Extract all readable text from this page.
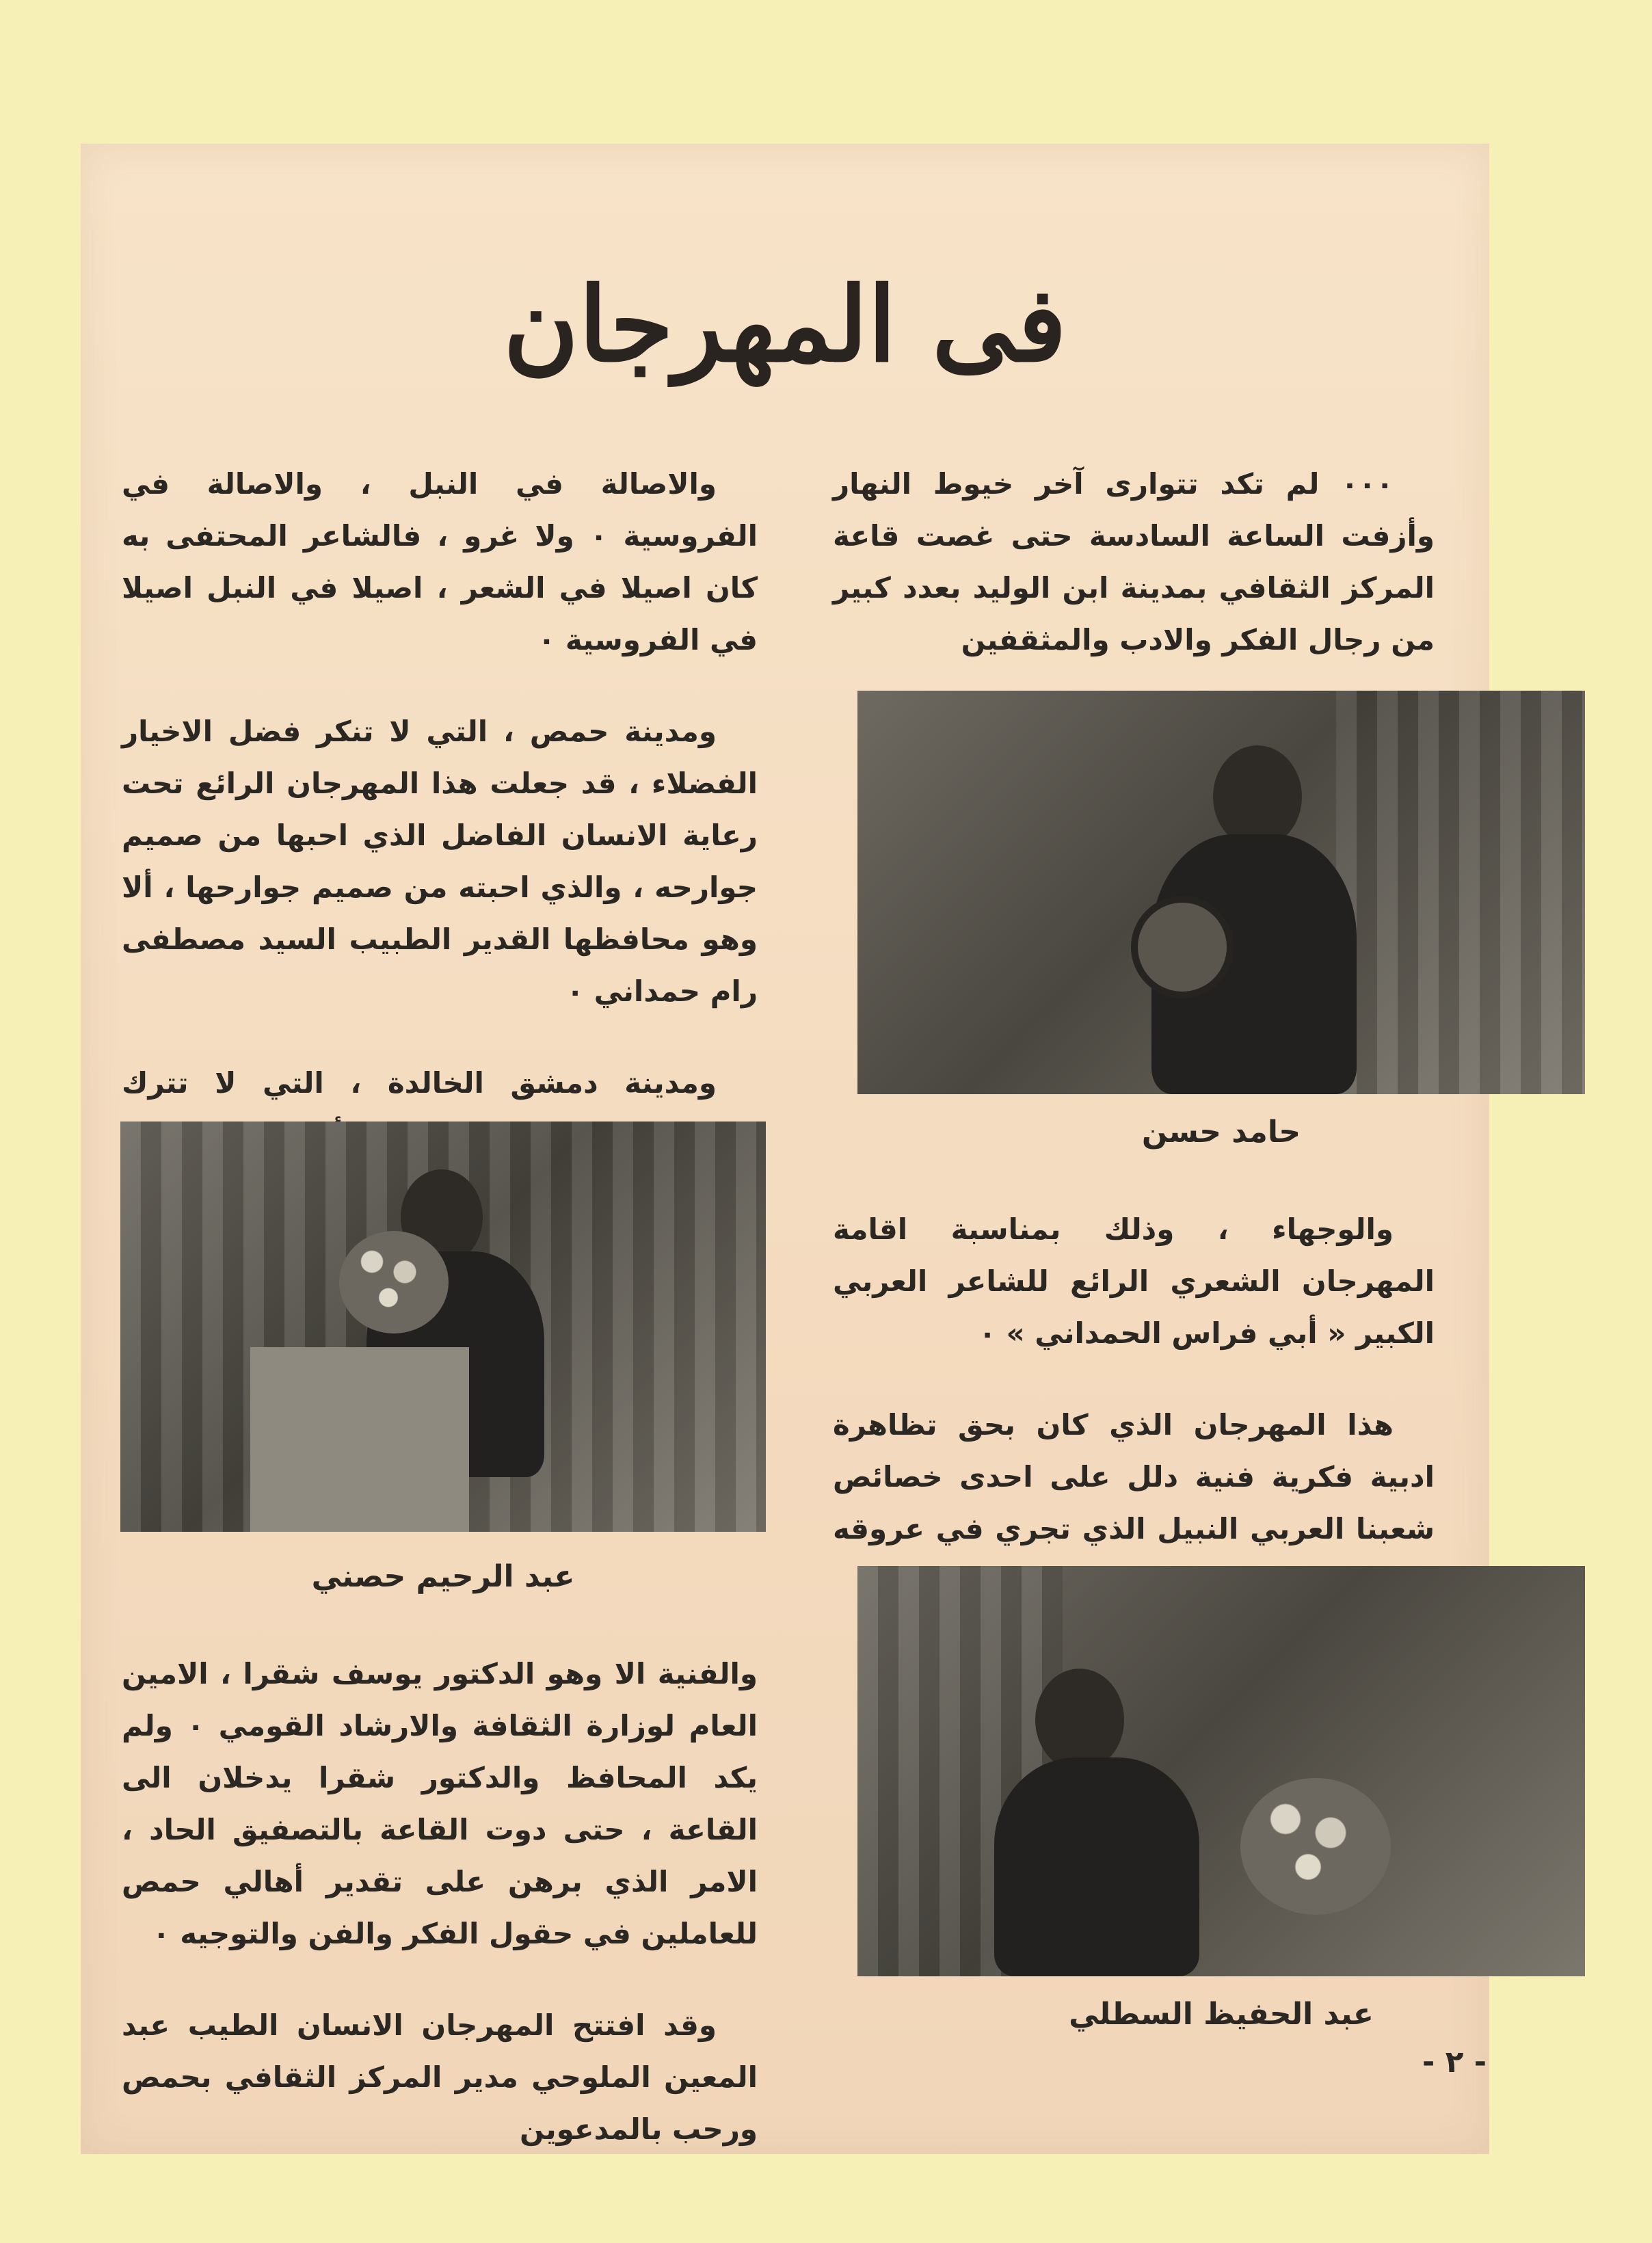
فى المهرجان

٠٠٠ لم تكد تتوارى آخر خيوط النهار وأزفت الساعة السادسة حتى غصت قاعة المركز الثقافي بمدينة ابن الوليد بعدد كبير من رجال الفكر والادب والمثقفين

حامد حسن

والوجهاء ، وذلك بمناسبة اقامة المهرجان الشعري الرائع للشاعر العربي الكبير « أبي فراس الحمداني » ٠

هذا المهرجان الذي كان بحق تظاهرة ادبية فكرية فنية دلل على احدى خصائص شعبنا العربي النبيل الذي تجري في عروقه

عبد الحفيظ السطلي

والاصالة في النبل ، والاصالة في الفروسية ٠ ولا غرو ، فالشاعر المحتفى به كان اصيلا في الشعر ، اصيلا في النبل اصيلا في الفروسية ٠

ومدينة حمص ، التي لا تنكر فضل الاخيار الفضلاء ، قد جعلت هذا المهرجان الرائع تحت رعاية الانسان الفاضل الذي احبها من صميم جوارحه ، والذي احبته من صميم جوارحها ، ألا وهو محافظها القدير الطبيب السيد مصطفى رام حمداني ٠

ومدينة دمشق الخالدة ، التي لا تترك

عبد الرحيم حصني

والفنية الا وهو الدكتور يوسف شقرا ، الامين العام لوزارة الثقافة والارشاد القومي ٠ ولم يكد المحافظ والدكتور شقرا يدخلان الى القاعة ، حتى دوت القاعة بالتصفيق الحاد ، الامر الذي برهن على تقدير أهالي حمص للعاملين في حقول الفكر والفن والتوجيه ٠

وقد افتتح المهرجان الانسان الطيب عبد المعين الملوحي مدير المركز الثقافي بحمص ورحب بالمدعوين

- ٢ -
